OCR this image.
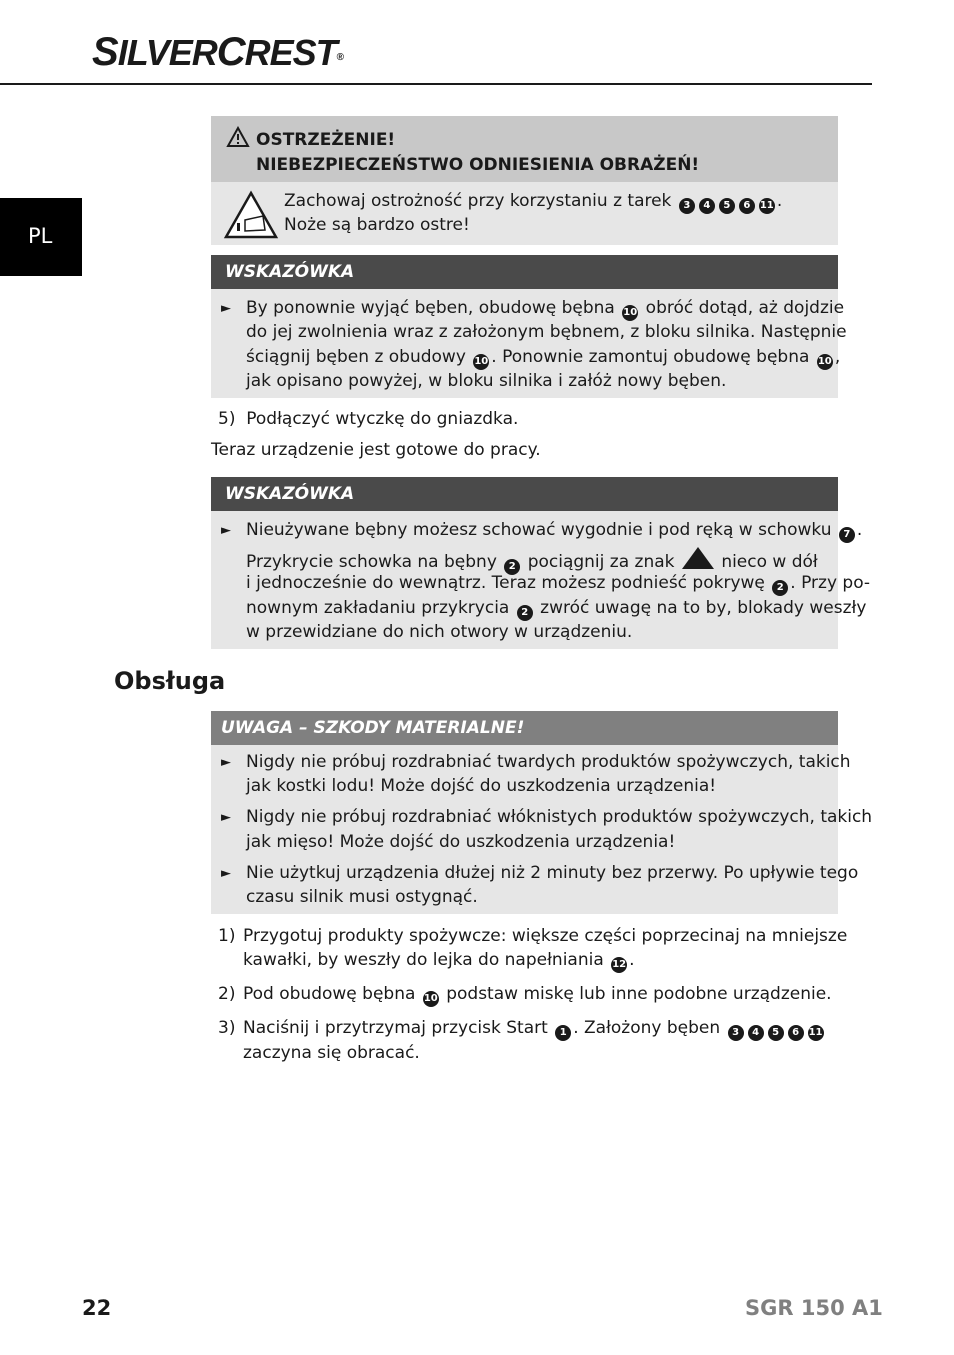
SILVERCREST®
PL
OSTRZEŻENIE!
NIEBEZPIECZEŃSTWO ODNIESIENIA OBRAŻEŃ!
Zachowaj ostrożność przy korzystaniu z tarek 3 4 5 6 11 .
Noże są bardzo ostre!
WSKAZÓWKA
► By ponownie wyjąć bęben, obudowę bębna 10 obróć dotąd, aż dojdzie
do jej zwolnienia wraz z założonym bębnem, z bloku silnika. Następnie
ściągnij bęben z obudowy 10 . Ponownie zamontuj obudowę bębna 10 ,
jak opisano powyżej, w bloku silnika i załóż nowy bęben.
5) Podłączyć wtyczkę do gniazdka.
Teraz urządzenie jest gotowe do pracy.
WSKAZÓWKA
► Nieużywane bębny możesz schować wygodnie i pod ręką w schowku 7 .
Przykrycie schowka na bębny 2 pociągnij za znak	nieco w dół
i jednocześnie do wewnątrz. Teraz możesz podnieść pokrywę 2 . Przy po-
nownym zakładaniu przykrycia 2 zwróć uwagę na to by, blokady weszły
w przewidziane do nich otwory w urządzeniu.
Obsługa
UWAGA – SZKODY MATERIALNE!
► Nigdy nie próbuj rozdrabniać twardych produktów spożywczych, takich
jak kostki lodu! Może dojść do uszkodzenia urządzenia!
► Nigdy nie próbuj rozdrabniać włóknistych produktów spożywczych, takich
jak mięso! Może dojść do uszkodzenia urządzenia!
► Nie użytkuj urządzenia dłużej niż 2 minuty bez przerwy. Po upływie tego
czasu silnik musi ostygnąć.
1) Przygotuj produkty spożywcze: większe części poprzecinaj na mniejsze
kawałki, by weszły do lejka do napełniania 12 .
2) Pod obudowę bębna 10 podstaw miskę lub inne podobne urządzenie.
3) Naciśnij i przytrzymaj przycisk Start 1 . Założony bęben 3 4 5 6 11
zaczyna się obracać.
22	SGR 150 A1
